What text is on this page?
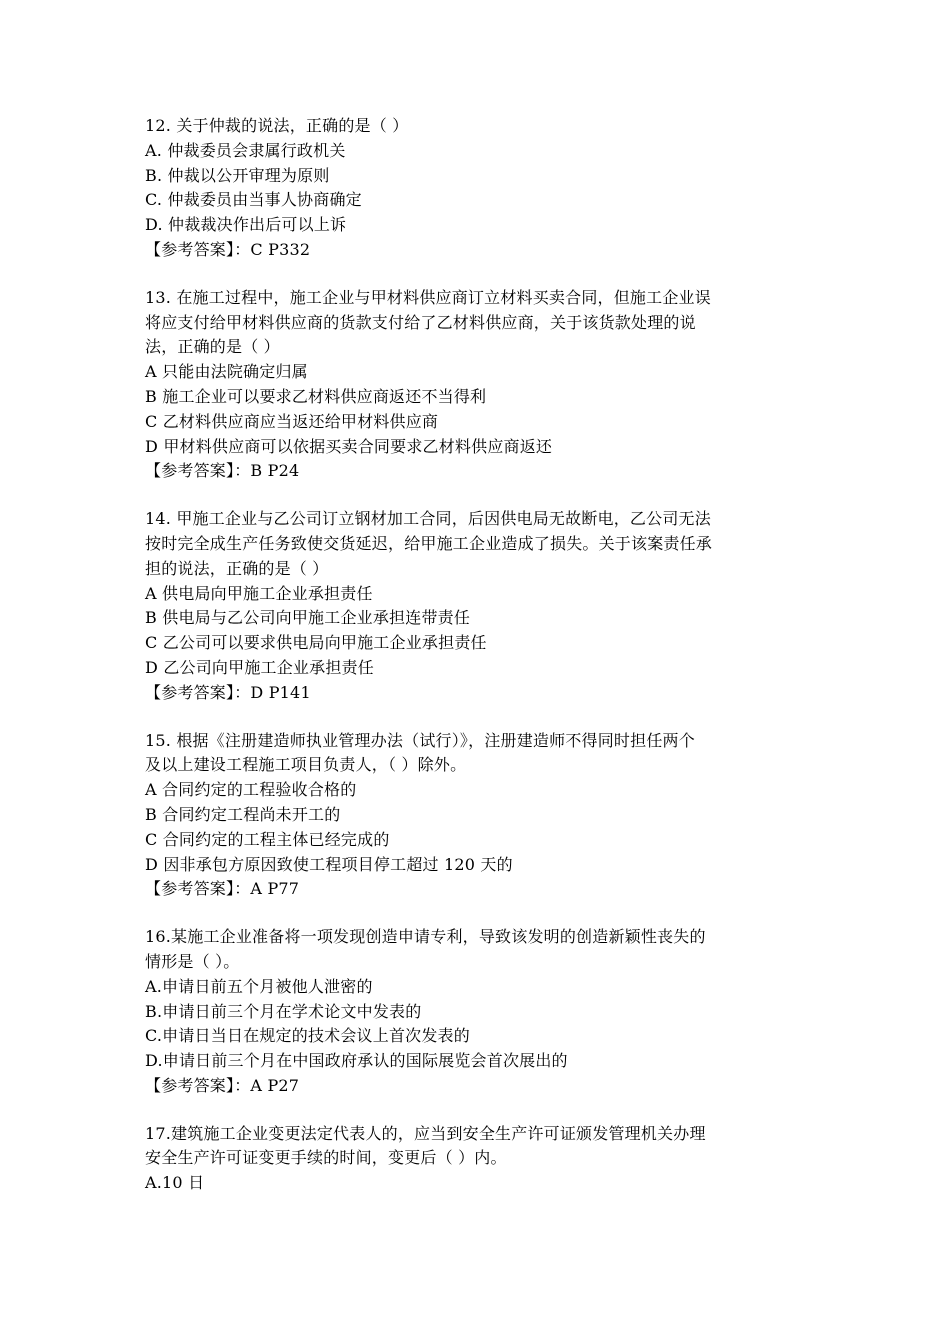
12. 关于仲裁的说法，正确的是（ ）
A. 仲裁委员会隶属行政机关
B. 仲裁以公开审理为原则
C. 仲裁委员由当事人协商确定
D. 仲裁裁决作出后可以上诉
【参考答案】：C P332
13. 在施工过程中，施工企业与甲材料供应商订立材料买卖合同，但施工企业误
将应支付给甲材料供应商的货款支付给了乙材料供应商，关于该货款处理的说
法，正确的是（ ）
A 只能由法院确定归属
B 施工企业可以要求乙材料供应商返还不当得利
C 乙材料供应商应当返还给甲材料供应商
D 甲材料供应商可以依据买卖合同要求乙材料供应商返还
【参考答案】：B P24
14. 甲施工企业与乙公司订立钢材加工合同，后因供电局无故断电，乙公司无法
按时完全成生产任务致使交货延迟，给甲施工企业造成了损失。关于该案责任承
担的说法，正确的是（ ）
A 供电局向甲施工企业承担责任
B 供电局与乙公司向甲施工企业承担连带责任
C 乙公司可以要求供电局向甲施工企业承担责任
D 乙公司向甲施工企业承担责任
【参考答案】：D P141
15. 根据《注册建造师执业管理办法（试行）》，注册建造师不得同时担任两个
及以上建设工程施工项目负责人，（ ）除外。
A 合同约定的工程验收合格的
B 合同约定工程尚未开工的
C 合同约定的工程主体已经完成的
D 因非承包方原因致使工程项目停工超过 120 天的
【参考答案】：A P77
16.某施工企业准备将一项发现创造申请专利，导致该发明的创造新颖性丧失的
情形是（ ）。
A.申请日前五个月被他人泄密的
B.申请日前三个月在学术论文中发表的
C.申请日当日在规定的技术会议上首次发表的
D.申请日前三个月在中国政府承认的国际展览会首次展出的
【参考答案】：A P27
17.建筑施工企业变更法定代表人的，应当到安全生产许可证颁发管理机关办理
安全生产许可证变更手续的时间，变更后（ ）内。
A.10 日
